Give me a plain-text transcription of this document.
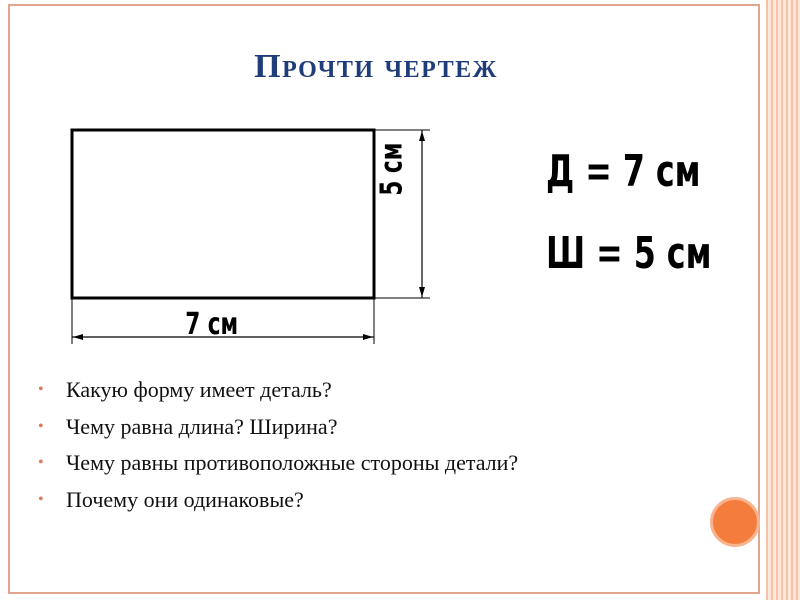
Прочти чертеж
5 см
7 см
Д = 7 см
Ш = 5 см
• Какую форму имеет деталь?
• Чему равна длина? Ширина?
• Чему равны противоположные стороны детали?
• Почему они одинаковые?
